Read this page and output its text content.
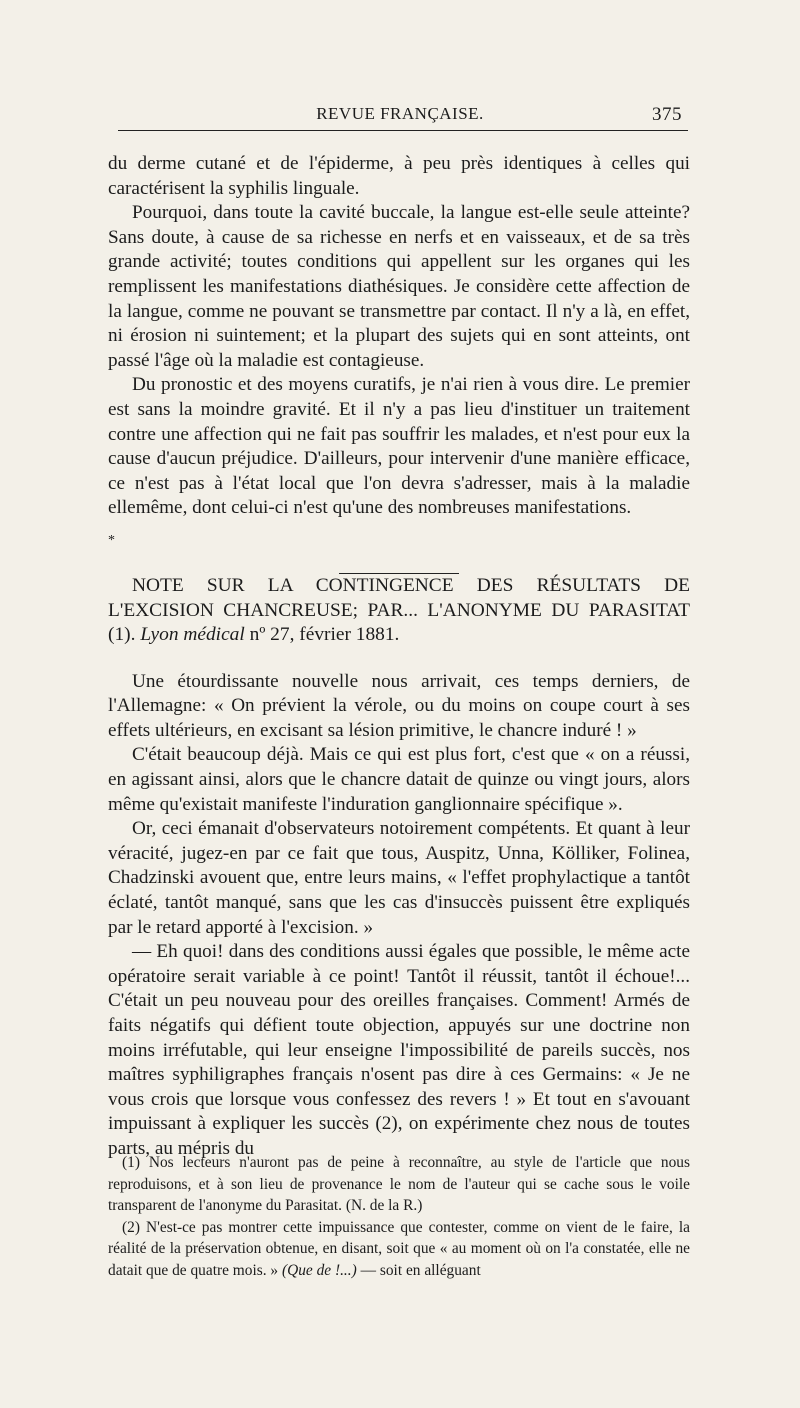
REVUE FRANÇAISE.	375

du derme cutané et de l'épiderme, à peu près identiques à celles qui caractérisent la syphilis linguale.

Pourquoi, dans toute la cavité buccale, la langue est-elle seule atteinte? Sans doute, à cause de sa richesse en nerfs et en vaisseaux, et de sa très grande activité; toutes conditions qui appellent sur les organes qui les remplissent les manifestations diathésiques. Je considère cette affection de la langue, comme ne pouvant se transmettre par contact. Il n'y a là, en effet, ni érosion ni suintement; et la plupart des sujets qui en sont atteints, ont passé l'âge où la maladie est contagieuse.

Du pronostic et des moyens curatifs, je n'ai rien à vous dire. Le premier est sans la moindre gravité. Et il n'y a pas lieu d'instituer un traitement contre une affection qui ne fait pas souffrir les malades, et n'est pour eux la cause d'aucun préjudice. D'ailleurs, pour intervenir d'une manière efficace, ce n'est pas à l'état local que l'on devra s'adresser, mais à la maladie ellemême, dont celui-ci n'est qu'une des nombreuses manifestations.

*

NOTE SUR LA CONTINGENCE DES RÉSULTATS DE L'EXCISION CHANCREUSE; PAR... L'ANONYME DU PARASITAT (1). Lyon médical nº 27, février 1881.

Une étourdissante nouvelle nous arrivait, ces temps derniers, de l'Allemagne: « On prévient la vérole, ou du moins on coupe court à ses effets ultérieurs, en excisant sa lésion primitive, le chancre induré ! »

C'était beaucoup déjà. Mais ce qui est plus fort, c'est que « on a réussi, en agissant ainsi, alors que le chancre datait de quinze ou vingt jours, alors même qu'existait manifeste l'induration ganglionnaire spécifique ».

Or, ceci émanait d'observateurs notoirement compétents. Et quant à leur véracité, jugez-en par ce fait que tous, Auspitz, Unna, Kölliker, Folinea, Chadzinski avouent que, entre leurs mains, « l'effet prophylactique a tantôt éclaté, tantôt manqué, sans que les cas d'insuccès puissent être expliqués par le retard apporté à l'excision. »

— Eh quoi! dans des conditions aussi égales que possible, le même acte opératoire serait variable à ce point! Tantôt il réussit, tantôt il échoue!... C'était un peu nouveau pour des oreilles françaises. Comment! Armés de faits négatifs qui défient toute objection, appuyés sur une doctrine non moins irréfutable, qui leur enseigne l'impossibilité de pareils succès, nos maîtres syphiligraphes français n'osent pas dire à ces Germains: « Je ne vous crois que lorsque vous confessez des revers ! » Et tout en s'avouant impuissant à expliquer les succès (2), on expérimente chez nous de toutes parts, au mépris du

(1) Nos lecteurs n'auront pas de peine à reconnaître, au style de l'article que nous reproduisons, et à son lieu de provenance le nom de l'auteur qui se cache sous le voile transparent de l'anonyme du Parasitat. (N. de la R.)

(2) N'est-ce pas montrer cette impuissance que contester, comme on vient de le faire, la réalité de la préservation obtenue, en disant, soit que « au moment où on l'a constatée, elle ne datait que de quatre mois. » (Que de !...) — soit en alléguant
